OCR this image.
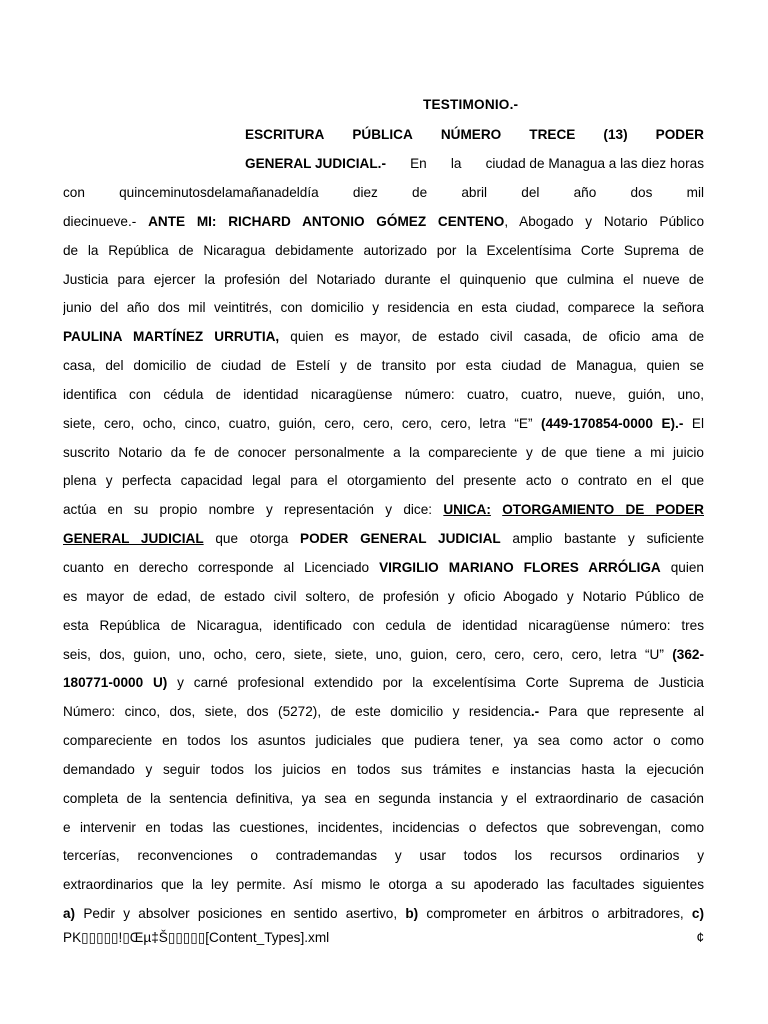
TESTIMONIO.-
ESCRITURA PÚBLICA NÚMERO TRECE (13) PODER
GENERAL JUDICIAL.- En la ciudad de Managua a las diez horas
con quinceminutosdelamañanadeldía diez de abril del año dos mil
diecinueve.- ANTE MI: RICHARD ANTONIO GÓMEZ CENTENO, Abogado y Notario Público
de la República de Nicaragua debidamente autorizado por la Excelentísima Corte Suprema de
Justicia para ejercer la profesión del Notariado durante el quinquenio que culmina el nueve de
junio del año dos mil veintitrés, con domicilio y residencia en esta ciudad, comparece la señora
PAULINA MARTÍNEZ URRUTIA, quien es mayor, de estado civil casada, de oficio ama de
casa, del domicilio de ciudad de Estelí y de transito por esta ciudad de Managua, quien se
identifica con cédula de identidad nicaragüense número: cuatro, cuatro, nueve, guión, uno,
siete, cero, ocho, cinco, cuatro, guión, cero, cero, cero, cero, letra “E” (449-170854-0000 E).- El
suscrito Notario da fe de conocer personalmente a la compareciente y de que tiene a mi juicio
plena y perfecta capacidad legal para el otorgamiento del presente acto o contrato en el que
actúa en su propio nombre y representación y dice: UNICA: OTORGAMIENTO DE PODER
GENERAL JUDICIAL que otorga PODER GENERAL JUDICIAL amplio bastante y suficiente
cuanto en derecho corresponde al Licenciado VIRGILIO MARIANO FLORES ARRÓLIGA quien
es mayor de edad, de estado civil soltero, de profesión y oficio Abogado y Notario Público de
esta República de Nicaragua, identificado con cedula de identidad nicaragüense número: tres
seis, dos, guion, uno, ocho, cero, siete, siete, uno, guion, cero, cero, cero, cero, letra “U” (362-
180771-0000 U) y carné profesional extendido por la excelentísima Corte Suprema de Justicia
Número: cinco, dos, siete, dos (5272), de este domicilio y residencia.- Para que represente al
compareciente en todos los asuntos judiciales que pudiera tener, ya sea como actor o como
demandado y seguir todos los juicios en todos sus trámites e instancias hasta la ejecución
completa de la sentencia definitiva, ya sea en segunda instancia y el extraordinario de casación
e intervenir en todas las cuestiones, incidentes, incidencias o defectos que sobrevengan, como
tercerías, reconvenciones o contrademandas y usar todos los recursos ordinarios y
extraordinarios que la ley permite. Así mismo le otorga a su apoderado las facultades siguientes
a) Pedir y absolver posiciones en sentido asertivo, b) comprometer en árbitros o arbitradores, c)
PK▯▯▯▯▯!▯Œµ‡Š▯▯▯▯▯[Content_Types].xml	¢
